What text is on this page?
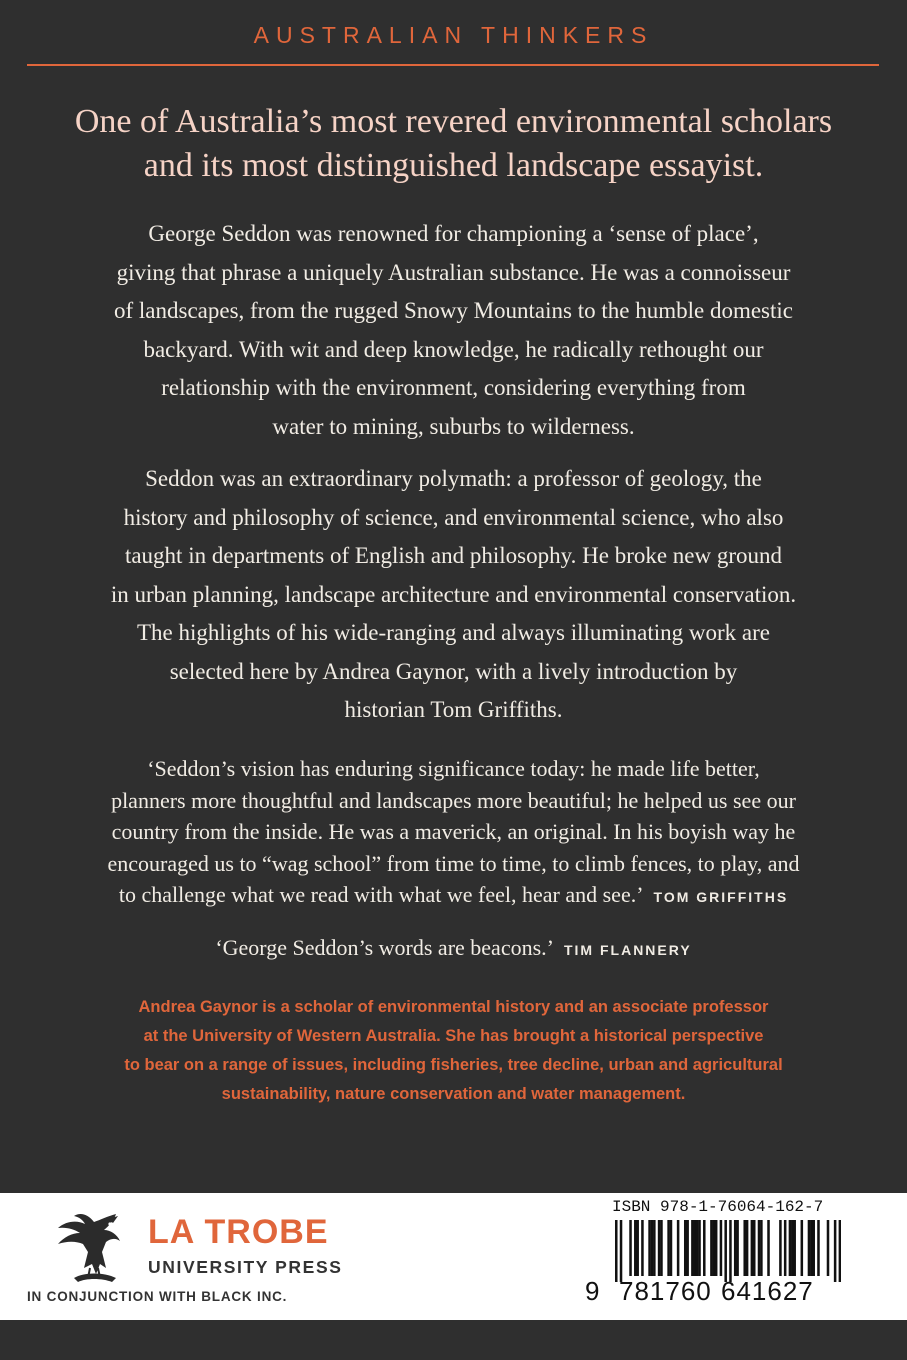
AUSTRALIAN THINKERS
One of Australia’s most revered environmental scholars
and its most distinguished landscape essayist.
George Seddon was renowned for championing a ‘sense of place’,
giving that phrase a uniquely Australian substance. He was a connoisseur
of landscapes, from the rugged Snowy Mountains to the humble domestic
backyard. With wit and deep knowledge, he radically rethought our
relationship with the environment, considering everything from
water to mining, suburbs to wilderness.
Seddon was an extraordinary polymath: a professor of geology, the
history and philosophy of science, and environmental science, who also
taught in departments of English and philosophy. He broke new ground
in urban planning, landscape architecture and environmental conservation.
The highlights of his wide-ranging and always illuminating work are
selected here by Andrea Gaynor, with a lively introduction by
historian Tom Griffiths.
‘Seddon’s vision has enduring significance today: he made life better,
planners more thoughtful and landscapes more beautiful; he helped us see our
country from the inside. He was a maverick, an original. In his boyish way he
encouraged us to “wag school” from time to time, to climb fences, to play, and
to challenge what we read with what we feel, hear and see.’ TOM GRIFFITHS
‘George Seddon’s words are beacons.’ TIM FLANNERY
Andrea Gaynor is a scholar of environmental history and an associate professor
at the University of Western Australia. She has brought a historical perspective
to bear on a range of issues, including fisheries, tree decline, urban and agricultural
sustainability, nature conservation and water management.
LA TROBE
UNIVERSITY PRESS
IN CONJUNCTION WITH BLACK INC.
ISBN 978-1-76064-162-7
9 781760 641627
